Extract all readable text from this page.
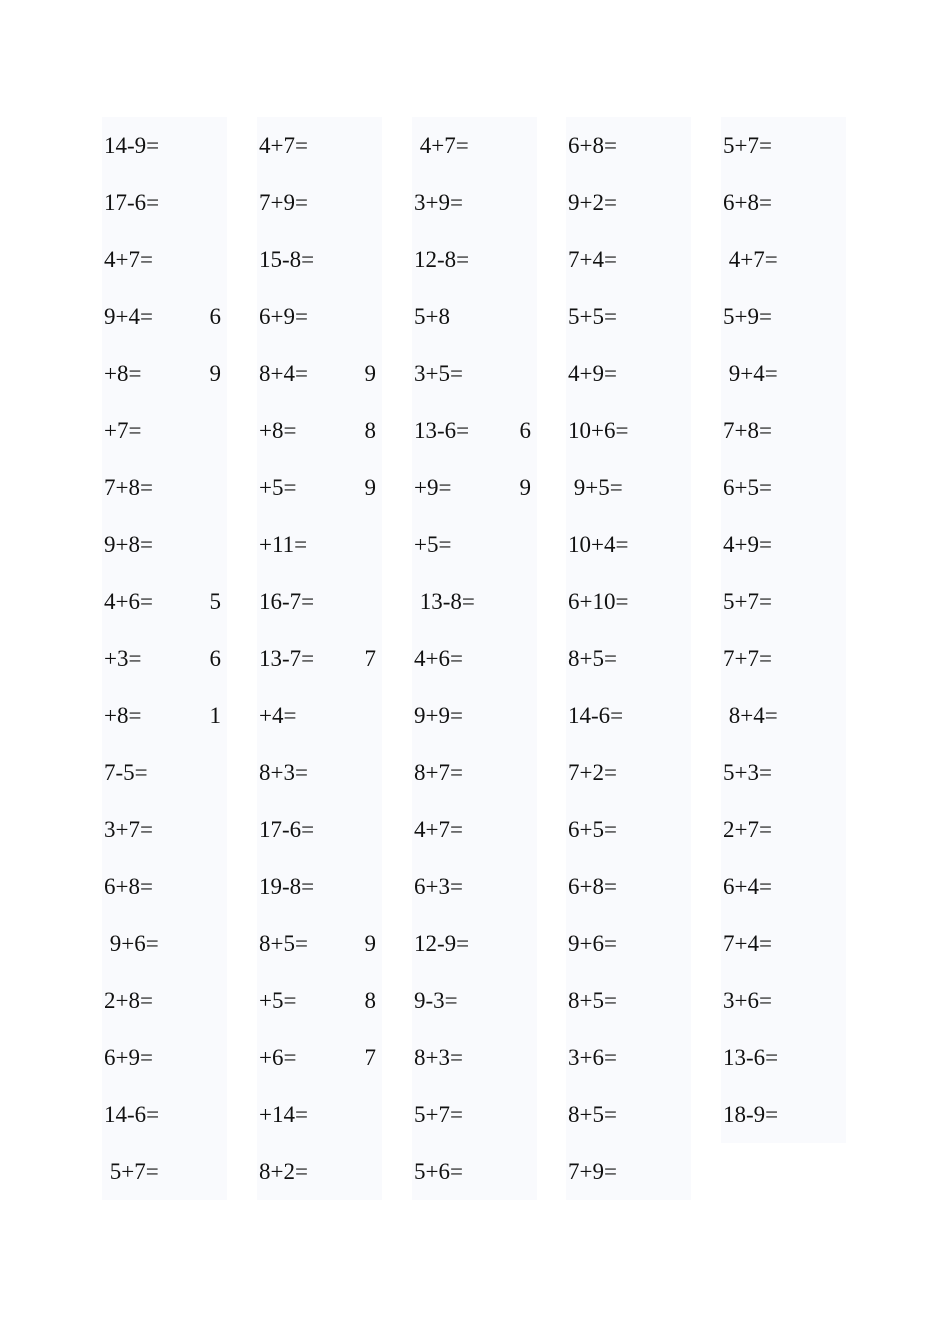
14-9=
17-6=
4+7=
9+4= 6
+8=	9
+7=
7+8=
9+8=
4+6= 5
+3=	6
+8=	1
7-5=
3+7=
6+8=
9+6=
2+8=
6+9=
14-6=
5+7=
4+7=
7+9=
15-8=
6+9=
8+4= 9
+8=	8
+5=	9
+11=
16-7=
13-7= 7
+4=
8+3=
17-6=
19-8=
8+5= 9
+5=	8
+6=	7
+14=
8+2=
4+7=
3+9=
12-8=
5+8
3+5=
13-6= 6
+9=	9
+5=
13-8=
4+6=
9+9=
8+7=
4+7=
6+3=
12-9=
9-3=
8+3=
5+7=
5+6=
6+8=
9+2=
7+4=
5+5=
4+9=
10+6=
9+5=
10+4=
6+10=
8+5=
14-6=
7+2=
6+5=
6+8=
9+6=
8+5=
3+6=
8+5=
7+9=
5+7=
6+8=
4+7=
5+9=
9+4=
7+8=
6+5=
4+9=
5+7=
7+7=
8+4=
5+3=
2+7=
6+4=
7+4=
3+6=
13-6=
18-9=
